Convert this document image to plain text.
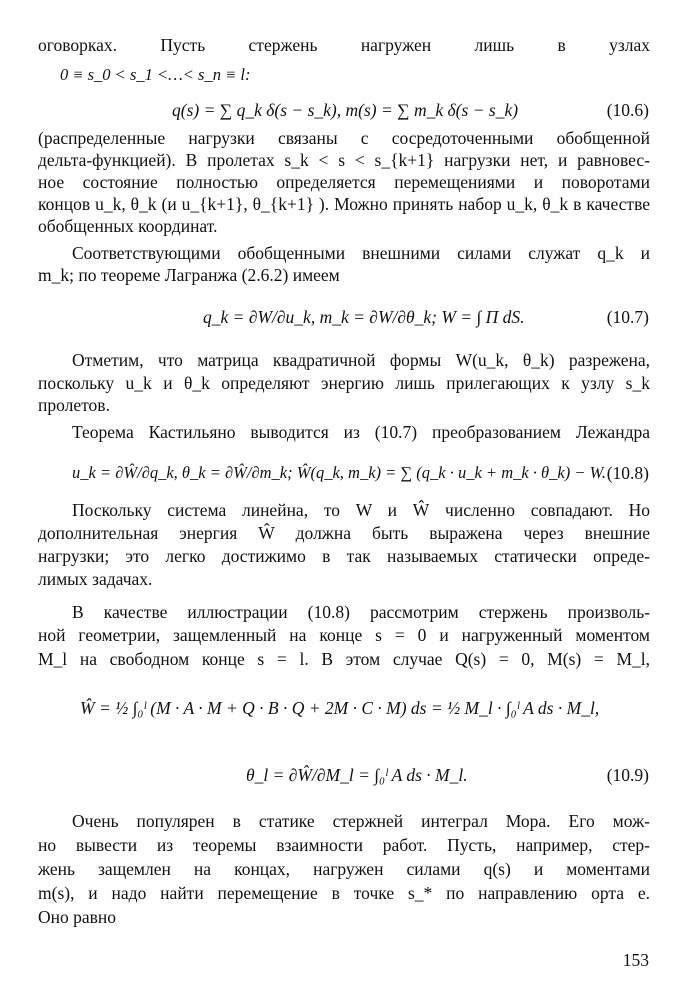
оговорках. Пусть стержень нагружен лишь в узлах
0 ≡ s_0 < s_1 <…< s_n ≡ l:
q(s) = ∑ q_k δ(s − s_k), m(s) = ∑ m_k δ(s − s_k)	(10.6)
(распределенные нагрузки связаны с сосредоточенными обобщенной
дельта-функцией). В пролетах s_k < s < s_{k+1} нагрузки нет, и равновес-
ное состояние полностью определяется перемещениями и поворотами
концов u_k, θ_k (и u_{k+1}, θ_{k+1} ). Можно принять набор u_k, θ_k в качестве
обобщенных координат.
Соответствующими обобщенными внешними силами служат q_k и
m_k; по теореме Лагранжа (2.6.2) имеем
q_k = ∂W/∂u_k, m_k = ∂W/∂θ_k; W = ∫ Π dS.	(10.7)
Отметим, что матрица квадратичной формы W(u_k, θ_k) разрежена,
поскольку u_k и θ_k определяют энергию лишь прилегающих к узлу s_k
пролетов.
Теорема Кастильяно выводится из (10.7) преобразованием Лежандра
u_k = ∂Ŵ/∂q_k, θ_k = ∂Ŵ/∂m_k; Ŵ(q_k, m_k) = ∑ (q_k · u_k + m_k · θ_k) − W. (10.8)
Поскольку система линейна, то W и Ŵ численно совпадают. Но
дополнительная энергия Ŵ должна быть выражена через внешние
нагрузки; это легко достижимо в так называемых статически опреде-
лимых задачах.
В качестве иллюстрации (10.8) рассмотрим стержень произволь-
ной геометрии, защемленный на конце s = 0 и нагруженный моментом
M_l на свободном конце s = l. В этом случае Q(s) = 0, M(s) = M_l,
Ŵ = ½ ∫₀ˡ (M · A · M + Q · B · Q + 2M · C · M) ds = ½ M_l · ∫₀ˡ A ds · M_l,
θ_l = ∂Ŵ/∂M_l = ∫₀ˡ A ds · M_l.	(10.9)
Очень популярен в статике стержней интеграл Мора. Его мож-
но вывести из теоремы взаимности работ. Пусть, например, стер-
жень защемлен на концах, нагружен силами q(s) и моментами
m(s), и надо найти перемещение в точке s_* по направлению орта e.
Оно равно
153
